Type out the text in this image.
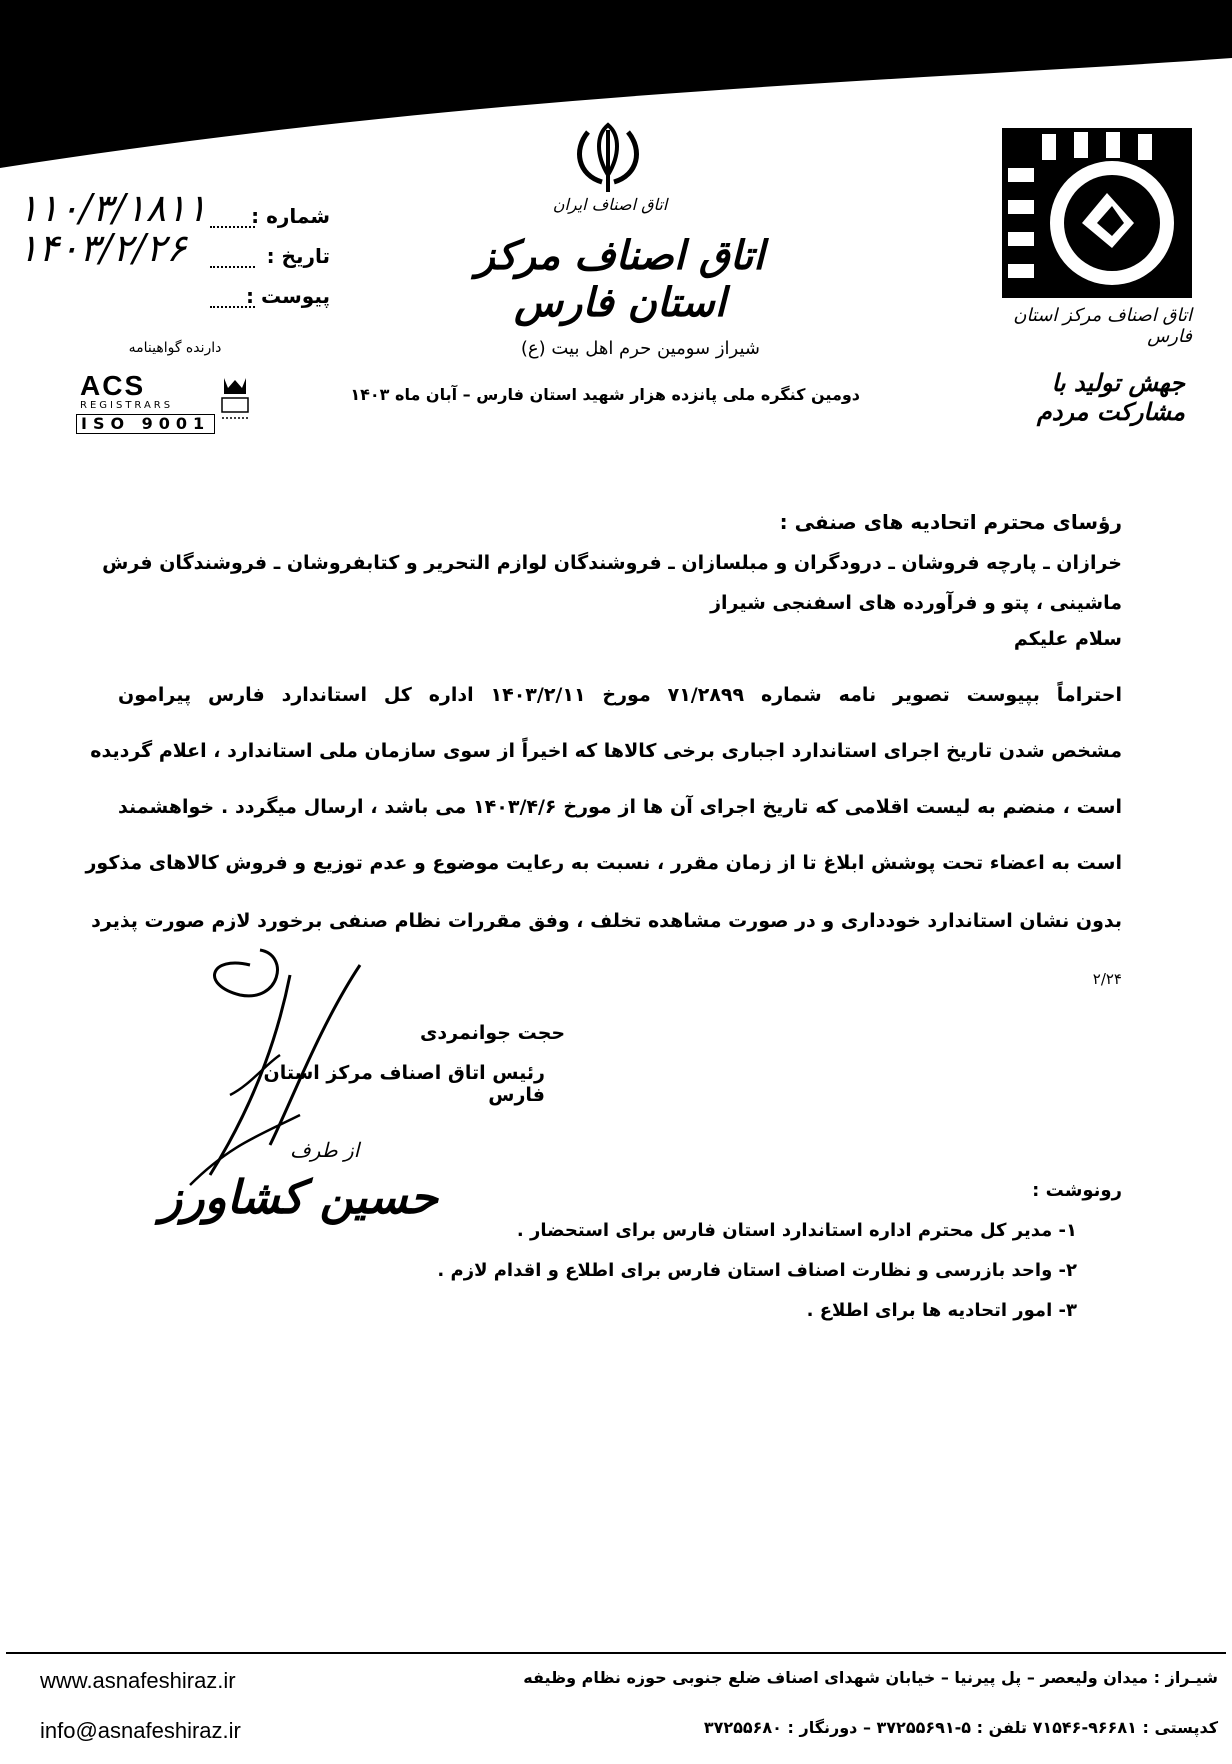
اتاق اصناف ایران
اتاق اصناف مرکز استان فارس
شیراز سومین حرم اهل بیت (ع)
دومین کنگره ملی پانزده هزار شهید استان فارس – آبان ماه ۱۴۰۳
اتاق اصناف مرکز استان فارس
جهش تولید با مشارکت مردم
شماره :
۱۱۰/۳/۱۸۱۱
تاریخ :
۱۴۰۳/۲/۲۶
پیوست :
دارنده گواهینامه
ACS
REGISTRARS
ISO 9001
رؤسای محترم اتحادیه های صنفی :
خرازان ـ پارچه فروشان ـ درودگران و مبلسازان ـ فروشندگان لوازم التحریر و کتابفروشان ـ فروشندگان فرش
ماشینی ، پتو و فرآورده های اسفنجی شیراز
سلام علیکم
احتراماً بپیوست تصویر نامه شماره ۷۱/۲۸۹۹ مورخ ۱۴۰۳/۲/۱۱ اداره کل استاندارد فارس پیرامون
مشخص شدن تاریخ اجرای استاندارد اجباری برخی کالاها که اخیراً از سوی سازمان ملی استاندارد ، اعلام گردیده
است ، منضم به لیست اقلامی که تاریخ اجرای آن ها از مورخ ۱۴۰۳/۴/۶ می باشد ، ارسال میگردد . خواهشمند
است به اعضاء تحت پوشش ابلاغ تا از زمان مقرر ، نسبت به رعایت موضوع و عدم توزیع و فروش کالاهای مذکور
بدون نشان استاندارد خودداری و در صورت مشاهده تخلف ، وفق مقررات نظام صنفی برخورد لازم صورت پذیرد
۲/۲۴
حجت جوانمردی
رئیس اتاق اصناف مرکز استان فارس
از طرف
حسین کشاورز	رونوشت :
۱- مدیر کل محترم اداره استاندارد استان فارس برای استحضار .
۲- واحد بازرسی و نظارت اصناف استان فارس برای اطلاع و اقدام لازم .
۳- امور اتحادیه ها برای اطلاع .
www.asnafeshiraz.ir
info@asnafeshiraz.ir
شیـراز : میدان ولیعصر – پل پیرنیا – خیابان شهدای اصناف ضلع جنوبی حوزه نظام وظیفه
کدپستی : ۹۶۶۸۱-۷۱۵۴۶ تلفن : ۵-۳۷۲۵۵۶۹۱ – دورنگار : ۳۷۲۵۵۶۸۰
